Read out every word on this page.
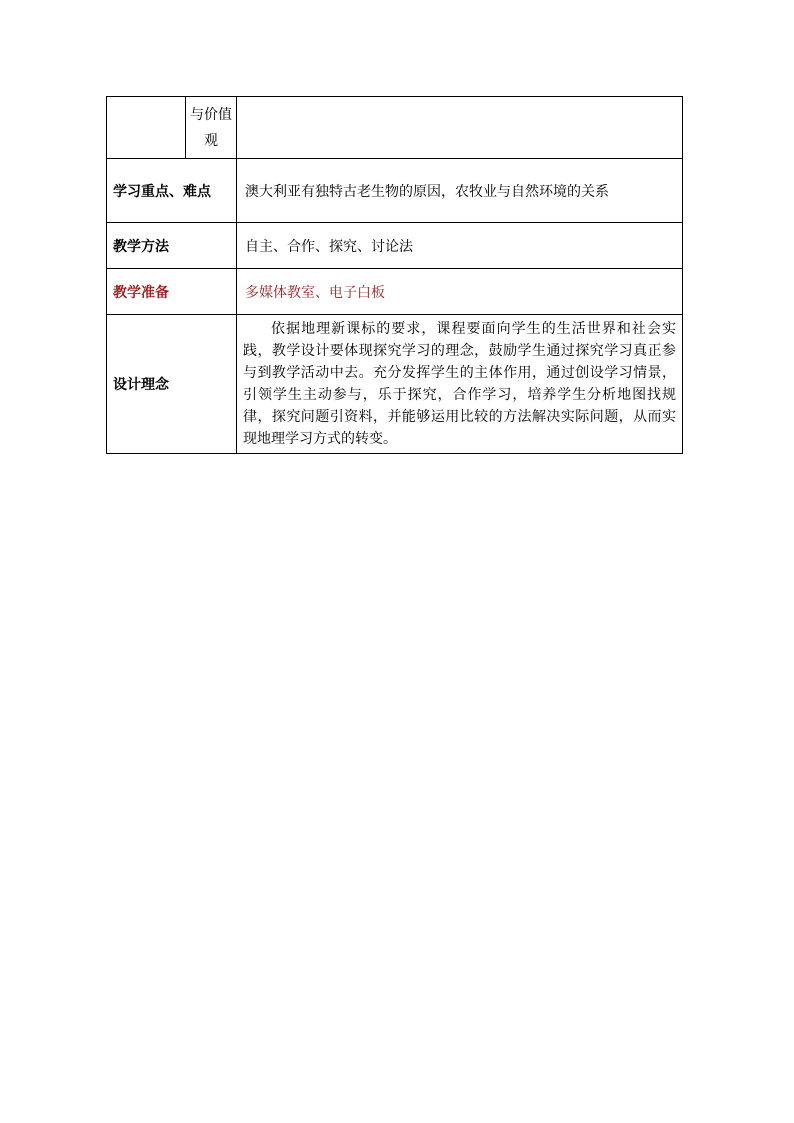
	与价值观	
学习重点、难点		澳大利亚有独特古老生物的原因，农牧业与自然环境的关系
教学方法		自主、合作、探究、讨论法
教学准备		多媒体教室、电子白板
设计理念		依据地理新课标的要求，课程要面向学生的生活世界和社会实践，教学设计要体现探究学习的理念，鼓励学生通过探究学习真正参与到教学活动中去。充分发挥学生的主体作用，通过创设学习情景，引领学生主动参与，乐于探究，合作学习，培养学生分析地图找规律，探究问题引资料，并能够运用比较的方法解决实际问题，从而实现地理学习方式的转变。
